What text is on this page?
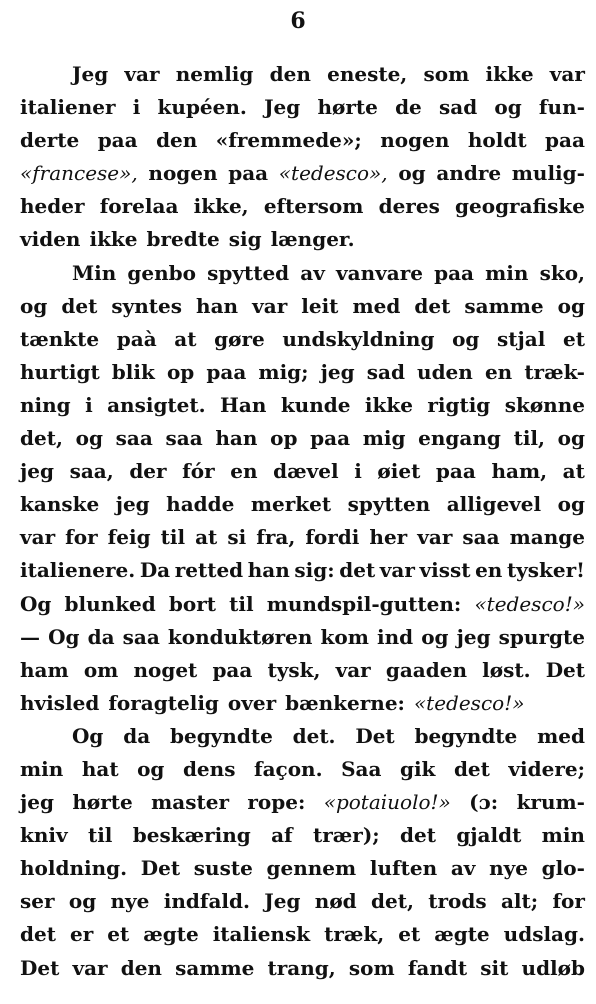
6
Jeg var nemlig den eneste, som ikke var
italiener i kupéen. Jeg hørte de sad og fun-
derte paa den «fremmede»; nogen holdt paa
«francese», nogen paa «tedesco», og andre mulig-
heder forelaa ikke, eftersom deres geografiske
viden ikke bredte sig længer.
Min genbo spytted av vanvare paa min sko,
og det syntes han var leit med det samme og
tænkte paà at gøre undskyldning og stjal et
hurtigt blik op paa mig; jeg sad uden en træk-
ning i ansigtet. Han kunde ikke rigtig skønne
det, og saa saa han op paa mig engang til, og
jeg saa, der fór en dævel i øiet paa ham, at
kanske jeg hadde merket spytten alligevel og
var for feig til at si fra, fordi her var saa mange
italienere. Da retted han sig: det var visst en tysker!
Og blunked bort til mundspil-gutten: «tedesco!»
— Og da saa konduktøren kom ind og jeg spurgte
ham om noget paa tysk, var gaaden løst. Det
hvisled foragtelig over bænkerne: «tedesco!»
Og da begyndte det. Det begyndte med
min hat og dens façon. Saa gik det videre;
jeg hørte master rope: «potaiuolo!» (ɔ: krum-
kniv til beskæring af trær); det gjaldt min
holdning. Det suste gennem luften av nye glo-
ser og nye indfald. Jeg nød det, trods alt; for
det er et ægte italiensk træk, et ægte udslag.
Det var den samme trang, som fandt sit udløb
